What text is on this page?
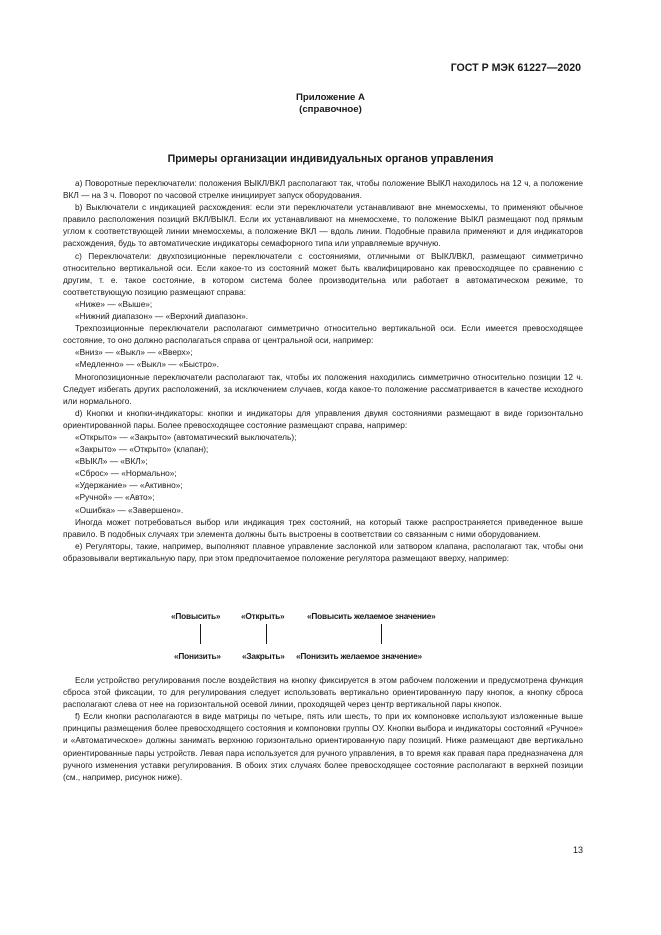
ГОСТ Р МЭК 61227—2020
Приложение А
(справочное)
Примеры организации индивидуальных органов управления

а) Поворотные переключатели: положения ВЫКЛ/ВКЛ располагают так, чтобы положение ВЫКЛ находилось на 12 ч, а положение ВКЛ — на 3 ч. Поворот по часовой стрелке инициирует запуск оборудования.

b) Выключатели с индикацией расхождения: если эти переключатели устанавливают вне мнемосхемы, то применяют обычное правило расположения позиций ВКЛ/ВЫКЛ. Если их устанавливают на мнемосхеме, то положение ВЫКЛ размещают под прямым углом к соответствующей линии мнемосхемы, а положение ВКЛ — вдоль линии. Подобные правила применяют и для индикаторов расхождения, будь то автоматические индикаторы семафорного типа или управляемые вручную.

с) Переключатели: двухпозиционные переключатели с состояниями, отличными от ВЫКЛ/ВКЛ, размещают симметрично относительно вертикальной оси. Если какое-то из состояний может быть квалифицировано как превосходящее по сравнению с другим, т. е. такое состояние, в котором система более производительна или работает в автоматическом режиме, то соответствующую позицию размещают справа:

«Ниже» — «Выше»;

«Нижний диапазон» — «Верхний диапазон».

Трехпозиционные переключатели располагают симметрично относительно вертикальной оси. Если имеется превосходящее состояние, то оно должно располагаться справа от центральной оси, например:

«Вниз» — «Выкл» — «Вверх»;

«Медленно» — «Выкл» — «Быстро».

Многопозиционные переключатели располагают так, чтобы их положения находились симметрично относительно позиции 12 ч. Следует избегать других расположений, за исключением случаев, когда какое-то положение рассматривается в качестве исходного или нормального.

d) Кнопки и кнопки-индикаторы: кнопки и индикаторы для управления двумя состояниями размещают в виде горизонтально ориентированной пары. Более превосходящее состояние размещают справа, например:

«Открыто» — «Закрыто» (автоматический выключатель);

«Закрыто» — «Открыто» (клапан);

«ВЫКЛ» — «ВКЛ»;

«Сброс» — «Нормально»;

«Удержание» — «Активно»;

«Ручной» — «Авто»;

«Ошибка» — «Завершено».

Иногда может потребоваться выбор или индикация трех состояний, на который также распространяется приведенное выше правило. В подобных случаях три элемента должны быть выстроены в соответствии со связанным с ними оборудованием.

е) Регуляторы, такие, например, выполняют плавное управление заслонкой или затвором клапана, располагают так, чтобы они образовывали вертикальную пару, при этом предпочитаемое положение регулятора размещают вверху, например:

«Повысить» «Открыть»	«Повысить желаемое значение»
«Понизить»	«Закрыть» «Понизить желаемое значение»

Если устройство регулирования после воздействия на кнопку фиксируется в этом рабочем положении и предусмотрена функция сброса этой фиксации, то для регулирования следует использовать вертикально ориентированную пару кнопок, а кнопку сброса располагают слева от нее на горизонтальной осевой линии, проходящей через центр вертикальной пары кнопок.

f) Если кнопки располагаются в виде матрицы по четыре, пять или шесть, то при их компоновке используют изложенные выше принципы размещения более превосходящего состояния и компоновки группы ОУ. Кнопки выбора и индикаторы состояний «Ручное» и «Автоматическое» должны занимать верхнюю горизонтально ориентированную пару позиций. Ниже размещают две вертикально ориентированные пары устройств. Левая пара используется для ручного управления, в то время как правая пара предназначена для ручного изменения уставки регулирования. В обоих этих случаях более превосходящее состояние располагают в верхней позиции (см., например, рисунок ниже).

13
